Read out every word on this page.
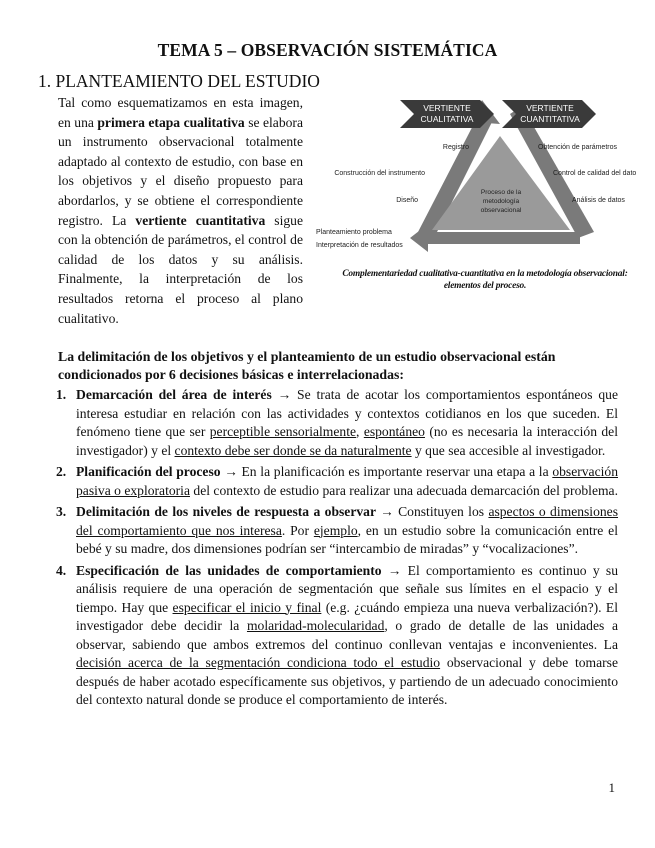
TEMA 5 – OBSERVACIÓN SISTEMÁTICA
1. PLANTEAMIENTO DEL ESTUDIO
Tal como esquematizamos en esta imagen, en una primera etapa cualitativa se elabora un instrumento observacional totalmente adaptado al contexto de estudio, con base en los objetivos y el diseño propuesto para abordarlos, y se obtiene el correspondiente registro. La vertiente cuantitativa sigue con la obtención de parámetros, el control de calidad de los datos y su análisis. Finalmente, la interpretación de los resultados retorna el proceso al plano cualitativo.
VERTIENTE
CUALITATIVA
VERTIENTE
CUANTITATIVA
Proceso de la
metodología
observacional
Registro
Construcción del instrumento
Diseño
Planteamiento problema
Interpretación de resultados
Obtención de parámetros
Control de calidad del dato
Análisis de datos
Complementariedad cualitativa-cuantitativa en la metodología observacional: elementos del proceso.
La delimitación de los objetivos y el planteamiento de un estudio observacional están condicionados por 6 decisiones básicas e interrelacionadas:
1. Demarcación del área de interés → Se trata de acotar los comportamientos espontáneos que interesa estudiar en relación con las actividades y contextos cotidianos en los que suceden. El fenómeno tiene que ser perceptible sensorialmente, espontáneo (no es necesaria la interacción del investigador) y el contexto debe ser donde se da naturalmente y que sea accesible al investigador.
2. Planificación del proceso → En la planificación es importante reservar una etapa a la observación pasiva o exploratoria del contexto de estudio para realizar una adecuada demarcación del problema.
3. Delimitación de los niveles de respuesta a observar → Constituyen los aspectos o dimensiones del comportamiento que nos interesa. Por ejemplo, en un estudio sobre la comunicación entre el bebé y su madre, dos dimensiones podrían ser “intercambio de miradas” y “vocalizaciones”.
4. Especificación de las unidades de comportamiento → El comportamiento es continuo y su análisis requiere de una operación de segmentación que señale sus límites en el espacio y el tiempo. Hay que especificar el inicio y final (e.g. ¿cuándo empieza una nueva verbalización?). El investigador debe decidir la molaridad-molecularidad, o grado de detalle de las unidades a observar, sabiendo que ambos extremos del continuo conllevan ventajas e inconvenientes. La decisión acerca de la segmentación condiciona todo el estudio observacional y debe tomarse después de haber acotado específicamente sus objetivos, y partiendo de un adecuado conocimiento del contexto natural donde se produce el comportamiento de interés.
1
